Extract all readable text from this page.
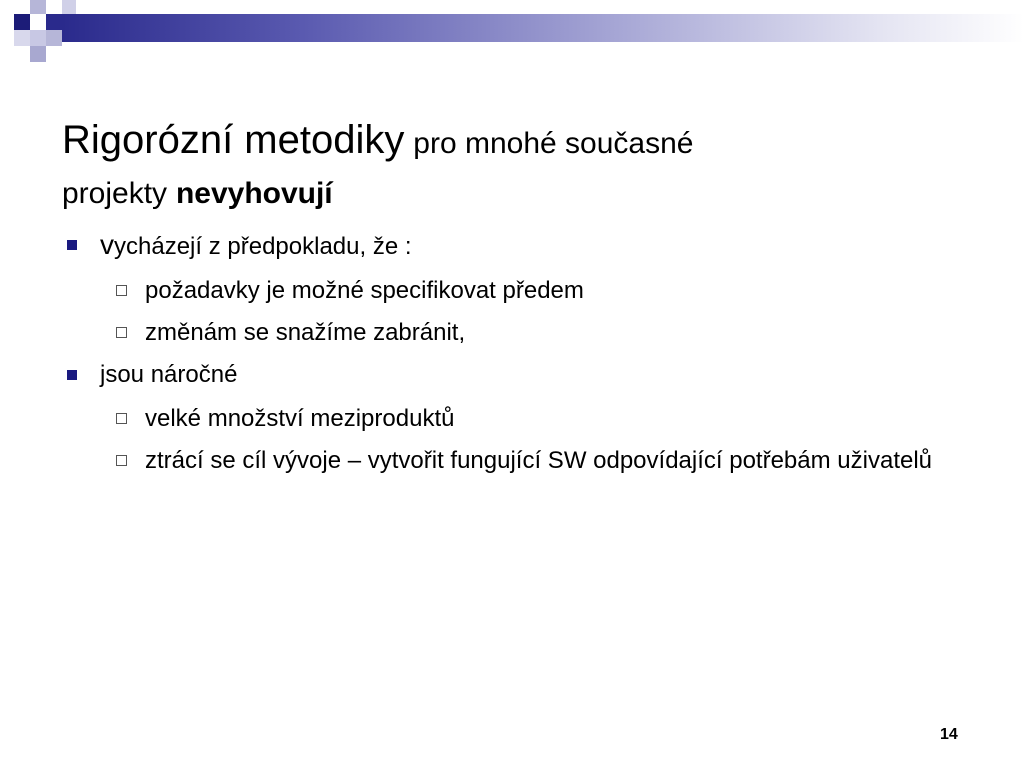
Rigorózní metodiky pro mnohé současné
projekty nevyhovují

vycházejí z předpokladu, že :

požadavky je možné specifikovat předem

změnám se snažíme zabránit,

jsou náročné

velké množství meziproduktů

ztrácí se cíl vývoje – vytvořit fungující SW odpovídající potřebám uživatelů

14
